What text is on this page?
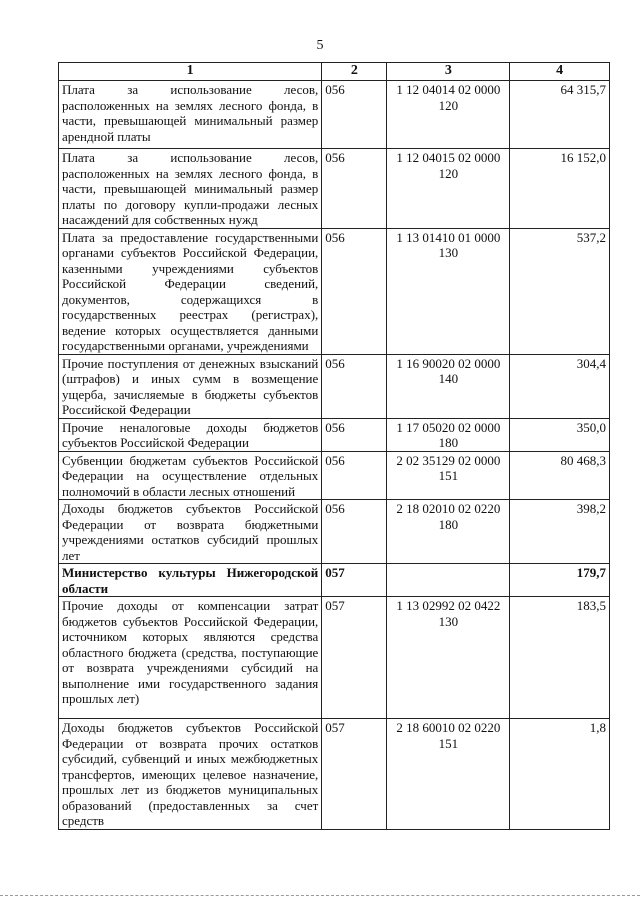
5
1	2	3	4
Плата за использование лесов, расположенных на землях лесного фонда, в части, превышающей минимальный размер арендной платы	056	1 12 04014 02 0000 120	64 315,7
Плата за использование лесов, расположенных на землях лесного фонда, в части, превышающей минимальный размер платы по договору купли-продажи лесных насаждений для собственных нужд	056	1 12 04015 02 0000 120	16 152,0
Плата за предоставление государственными органами субъектов Российской Федерации, казенными учреждениями субъектов Российской Федерации сведений, документов, содержащихся в государственных реестрах (регистрах), ведение которых осуществляется данными государственными органами, учреждениями	056	1 13 01410 01 0000 130	537,2
Прочие поступления от денежных взысканий (штрафов) и иных сумм в возмещение ущерба, зачисляемые в бюджеты субъектов Российской Федерации	056	1 16 90020 02 0000 140	304,4
Прочие неналоговые доходы бюджетов субъектов Российской Федерации	056	1 17 05020 02 0000 180	350,0
Субвенции бюджетам субъектов Российской Федерации на осуществление отдельных полномочий в области лесных отношений	056	2 02 35129 02 0000 151	80 468,3
Доходы бюджетов субъектов Российской Федерации от возврата бюджетными учреждениями остатков субсидий прошлых лет	056	2 18 02010 02 0220 180	398,2
Министерство культуры Нижегородской области	057		179,7
Прочие доходы от компенсации затрат бюджетов субъектов Российской Федерации, источником которых являются средства областного бюджета (средства, поступающие от возврата учреждениями субсидий на выполнение ими государственного задания прошлых лет)	057	1 13 02992 02 0422 130	183,5
Доходы бюджетов субъектов Российской Федерации от возврата прочих остатков субсидий, субвенций и иных межбюджетных трансфертов, имеющих целевое назначение, прошлых лет из бюджетов муниципальных образований (предоставленных за счет средств	057	2 18 60010 02 0220 151	1,8
